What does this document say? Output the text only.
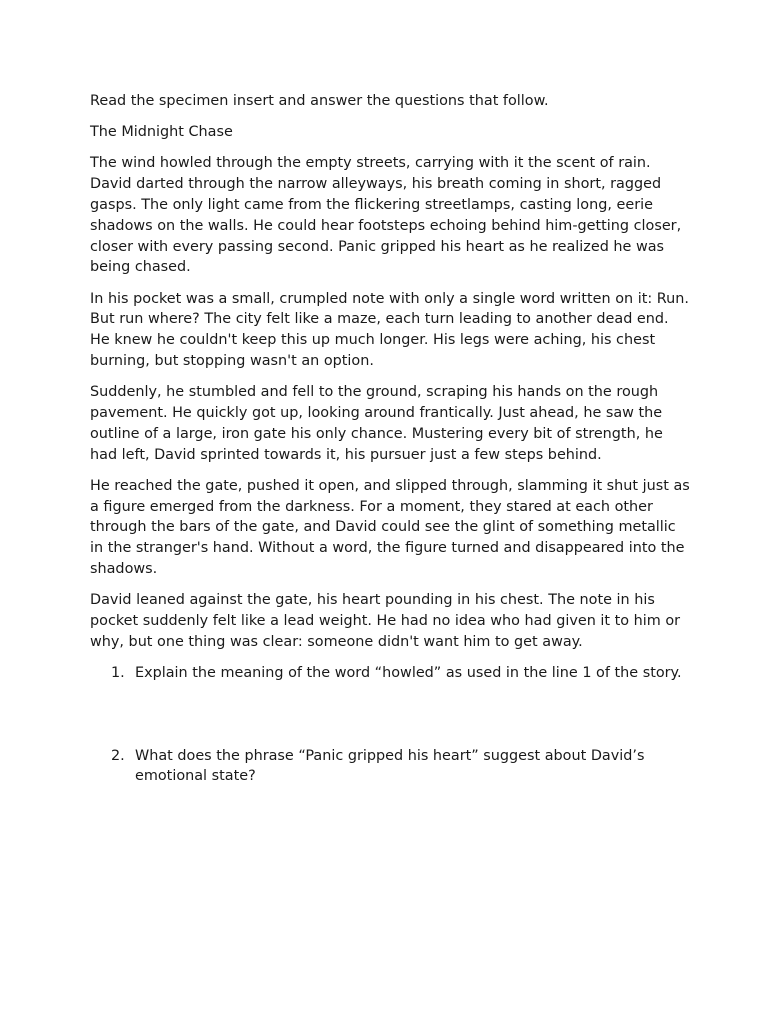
Read the specimen insert and answer the questions that follow.

The Midnight Chase

The wind howled through the empty streets, carrying with it the scent of rain. David darted through the narrow alleyways, his breath coming in short, ragged gasps. The only light came from the flickering streetlamps, casting long, eerie shadows on the walls. He could hear footsteps echoing behind him-getting closer, closer with every passing second. Panic gripped his heart as he realized he was being chased.

In his pocket was a small, crumpled note with only a single word written on it: Run. But run where? The city felt like a maze, each turn leading to another dead end. He knew he couldn't keep this up much longer. His legs were aching, his chest burning, but stopping wasn't an option.

Suddenly, he stumbled and fell to the ground, scraping his hands on the rough pavement. He quickly got up, looking around frantically. Just ahead, he saw the outline of a large, iron gate his only chance. Mustering every bit of strength, he had left, David sprinted towards it, his pursuer just a few steps behind.

He reached the gate, pushed it open, and slipped through, slamming it shut just as a figure emerged from the darkness. For a moment, they stared at each other through the bars of the gate, and David could see the glint of something metallic in the stranger's hand. Without a word, the figure turned and disappeared into the shadows.

David leaned against the gate, his heart pounding in his chest. The note in his pocket suddenly felt like a lead weight. He had no idea who had given it to him or why, but one thing was clear: someone didn't want him to get away.

1. Explain the meaning of the word “howled” as used in the line 1 of the story.
2. What does the phrase “Panic gripped his heart” suggest about David’s emotional state?
